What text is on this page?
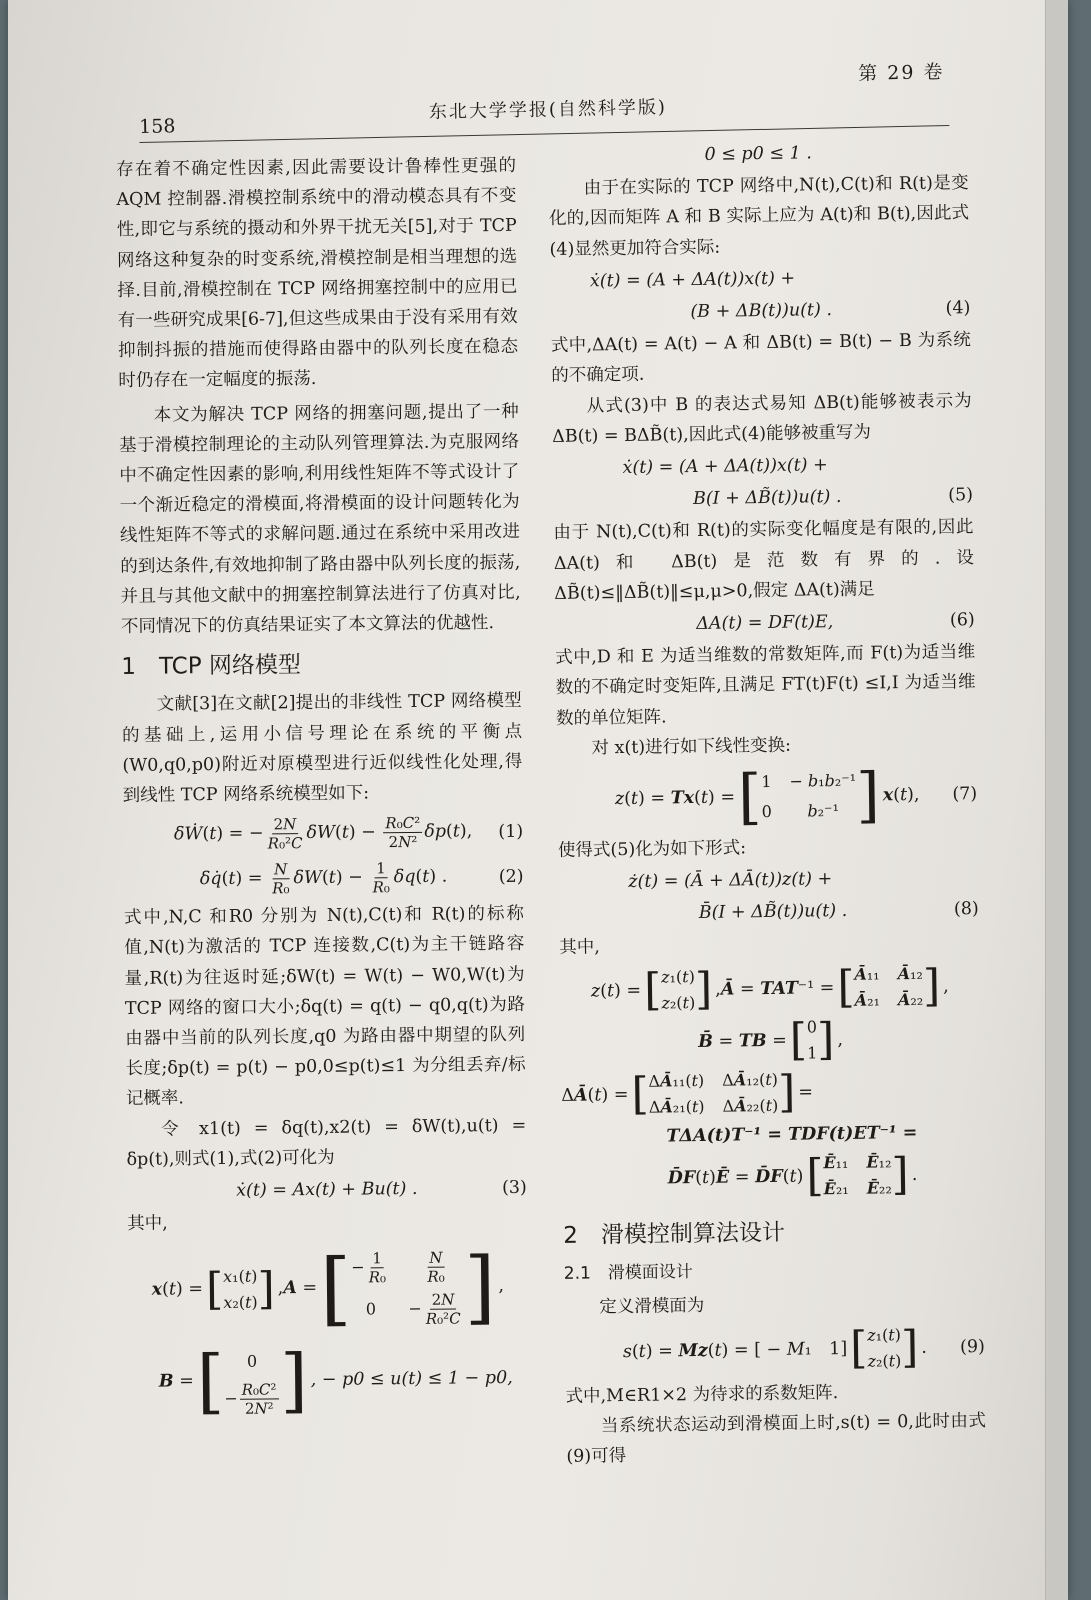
158
东北大学学报(自然科学版)
第 29 卷

存在着不确定性因素,因此需要设计鲁棒性更强的 AQM 控制器.滑模控制系统中的滑动模态具有不变性,即它与系统的摄动和外界干扰无关[5],对于 TCP 网络这种复杂的时变系统,滑模控制是相当理想的选择.目前,滑模控制在 TCP 网络拥塞控制中的应用已有一些研究成果[6-7],但这些成果由于没有采用有效抑制抖振的措施而使得路由器中的队列长度在稳态时仍存在一定幅度的振荡.

本文为解决 TCP 网络的拥塞问题,提出了一种基于滑模控制理论的主动队列管理算法.为克服网络中不确定性因素的影响,利用线性矩阵不等式设计了一个渐近稳定的滑模面,将滑模面的设计问题转化为线性矩阵不等式的求解问题.通过在系统中采用改进的到达条件,有效地抑制了路由器中队列长度的振荡,并且与其他文献中的拥塞控制算法进行了仿真对比,不同情况下的仿真结果证实了本文算法的优越性.

1　TCP 网络模型

文献[3]在文献[2]提出的非线性 TCP 网络模型的基础上,运用小信号理论在系统的平衡点(W0,q0,p0)附近对原模型进行近似线性化处理,得到线性 TCP 网络系统模型如下:

δẆ(t) = − $\frac{2N}{\text{R₀²C}} \delta W(t) - \frac{\text{R₀C²}}{\text{2N²}} \delta p(t)$, (1)
δq̇(t) = $\frac{N}{\text{R₀}} \delta W(t) - \frac{1}{\text{R₀}} \delta q(t)$ .	(2)

式中,N,C 和R0 分别为 N(t),C(t)和 R(t)的标称值,N(t)为激活的 TCP 连接数,C(t)为主干链路容量,R(t)为往返时延;δW(t) = W(t) − W0,W(t)为 TCP 网络的窗口大小;δq(t) = q(t) − q0,q(t)为路由器中当前的队列长度,q0 为路由器中期望的队列长度;δp(t) = p(t) − p0,0≤p(t)≤1 为分组丢弃/标记概率.

令 x1(t) = δq(t),x2(t) = δW(t),u(t) = δp(t),则式(1),式(2)可化为

ẋ(t) = Ax(t) + Bu(t) .	(3)

其中,

x(t) = [ x₁(t)
x₂(t) ] ,A = [ − $\frac{1}{\text{R₀}} \frac{N}{\text{R₀}}$
0	− $\frac{2N}{\text{R₀²C}}$ ] ,
B = [	0
− $\frac{\text{R₀C²}}{\text{2N²}}$ ] , − p0 ≤ u(t) ≤ 1 − p0,
0 ≤ p0 ≤ 1 .

由于在实际的 TCP 网络中,N(t),C(t)和 R(t)是变化的,因而矩阵 A 和 B 实际上应为 A(t)和 B(t),因此式(4)显然更加符合实际:

ẋ(t) = (A + ΔA(t))x(t) +
(B + ΔB(t))u(t) .	(4)

式中,ΔA(t) = A(t) − A 和 ΔB(t) = B(t) − B 为系统的不确定项.

从式(3)中 B 的表达式易知 ΔB(t)能够被表示为 ΔB(t) = BΔB̃(t),因此式(4)能够被重写为

ẋ(t) = (A + ΔA(t))x(t) +
B(I + ΔB̃(t))u(t) .	(5)

由于 N(t),C(t)和 R(t)的实际变化幅度是有限的,因此 ΔA(t)和 ΔB(t)是范数有界的.设 ΔB̃(t)≤‖ΔB̃(t)‖≤μ,μ>0,假定 ΔA(t)满足

ΔA(t) = DF(t)E,	(6)

式中,D 和 E 为适当维数的常数矩阵,而 F(t)为适当维数的不确定时变矩阵,且满足 FT(t)F(t) ≤I,I 为适当维数的单位矩阵.

对 x(t)进行如下线性变换:

z(t) = Tx(t) = [ 1 − b₁b₂⁻¹
0	b₂⁻¹ ] x(t), (7)

使得式(5)化为如下形式:

ż(t) = (Ā + ΔĀ(t))z(t) +
B̄(I + ΔB̃(t))u(t) .	(8)

其中,

z(t) = [ z₁(t)
z₂(t) ] ,Ā = TAT⁻¹ = [ Ā₁₁ Ā₁₂
Ā₂₁ Ā₂₂ ] ,
B̄ = TB = [ 0
1 ] ,
ΔĀ(t) = [ ΔĀ₁₁(t) ΔĀ₁₂(t)
ΔĀ₂₁(t) ΔĀ₂₂(t) ] =
TΔA(t)T⁻¹ = TDF(t)ET⁻¹ =
D̄F(t)Ē = D̄F(t) [ Ē₁₁ Ē₁₂
Ē₂₁ Ē₂₂ ] .
2　滑模控制算法设计
2.1　滑模面设计

定义滑模面为

s(t) = Mz(t) = [ − M₁　1] [ z₁(t)
z₂(t) ] . (9)

式中,M∈R1×2 为待求的系数矩阵.

当系统状态运动到滑模面上时,s(t) = 0,此时由式(9)可得
